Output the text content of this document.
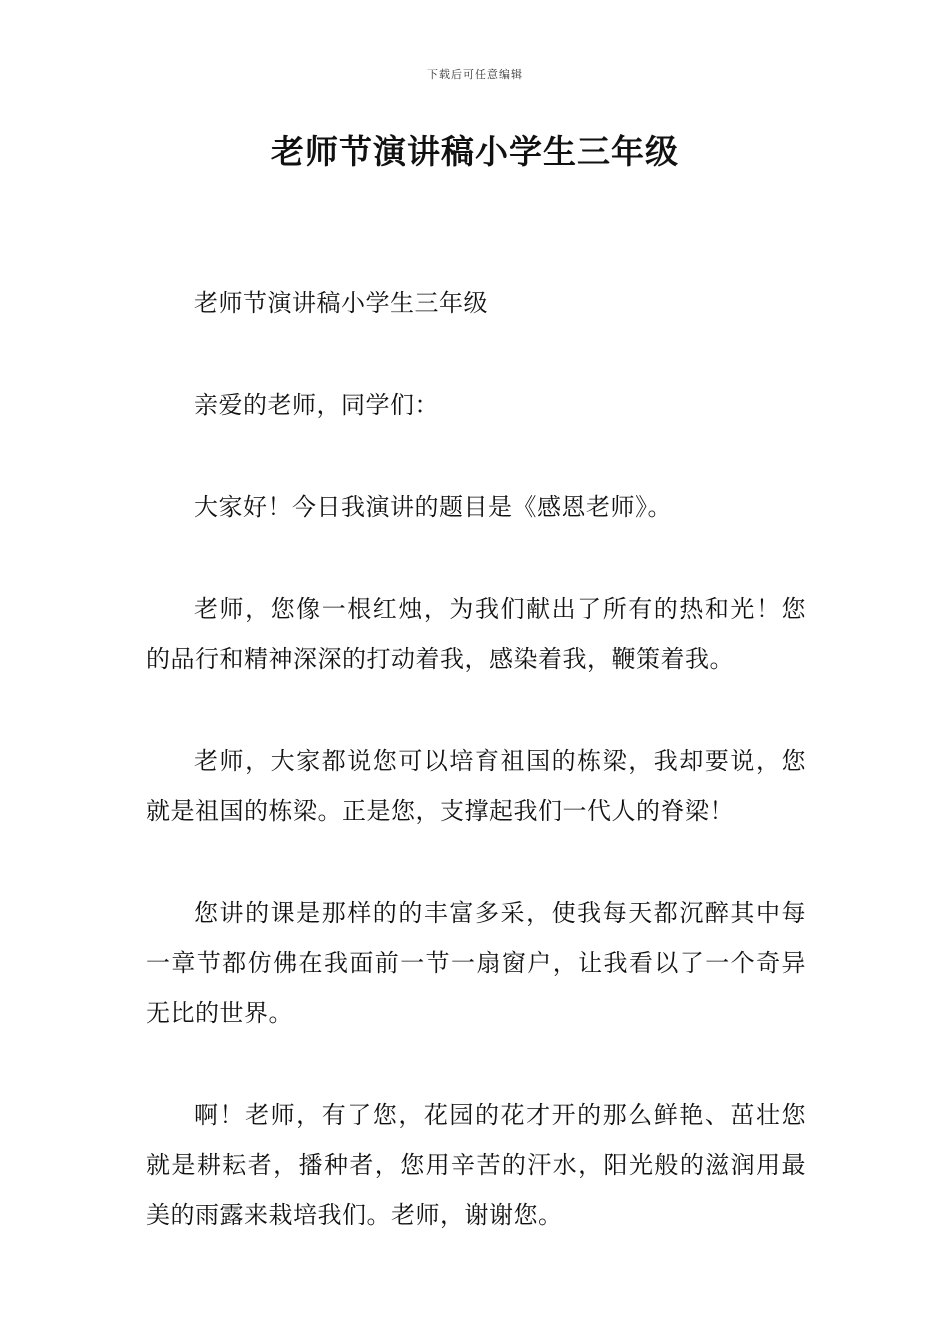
下载后可任意编辑
老师节演讲稿小学生三年级

老师节演讲稿小学生三年级

亲爱的老师，同学们：

大家好！今日我演讲的题目是《感恩老师》。

老师，您像一根红烛，为我们献出了所有的热和光！您的品行和精神深深的打动着我，感染着我，鞭策着我。

老师，大家都说您可以培育祖国的栋梁，我却要说，您就是祖国的栋梁。正是您，支撑起我们一代人的脊梁！

您讲的课是那样的的丰富多采，使我每天都沉醉其中每一章节都仿佛在我面前一节一扇窗户，让我看以了一个奇异无比的世界。

啊！老师，有了您，花园的花才开的那么鲜艳、茁壮您就是耕耘者，播种者，您用辛苦的汗水，阳光般的滋润用最美的雨露来栽培我们。老师，谢谢您。
